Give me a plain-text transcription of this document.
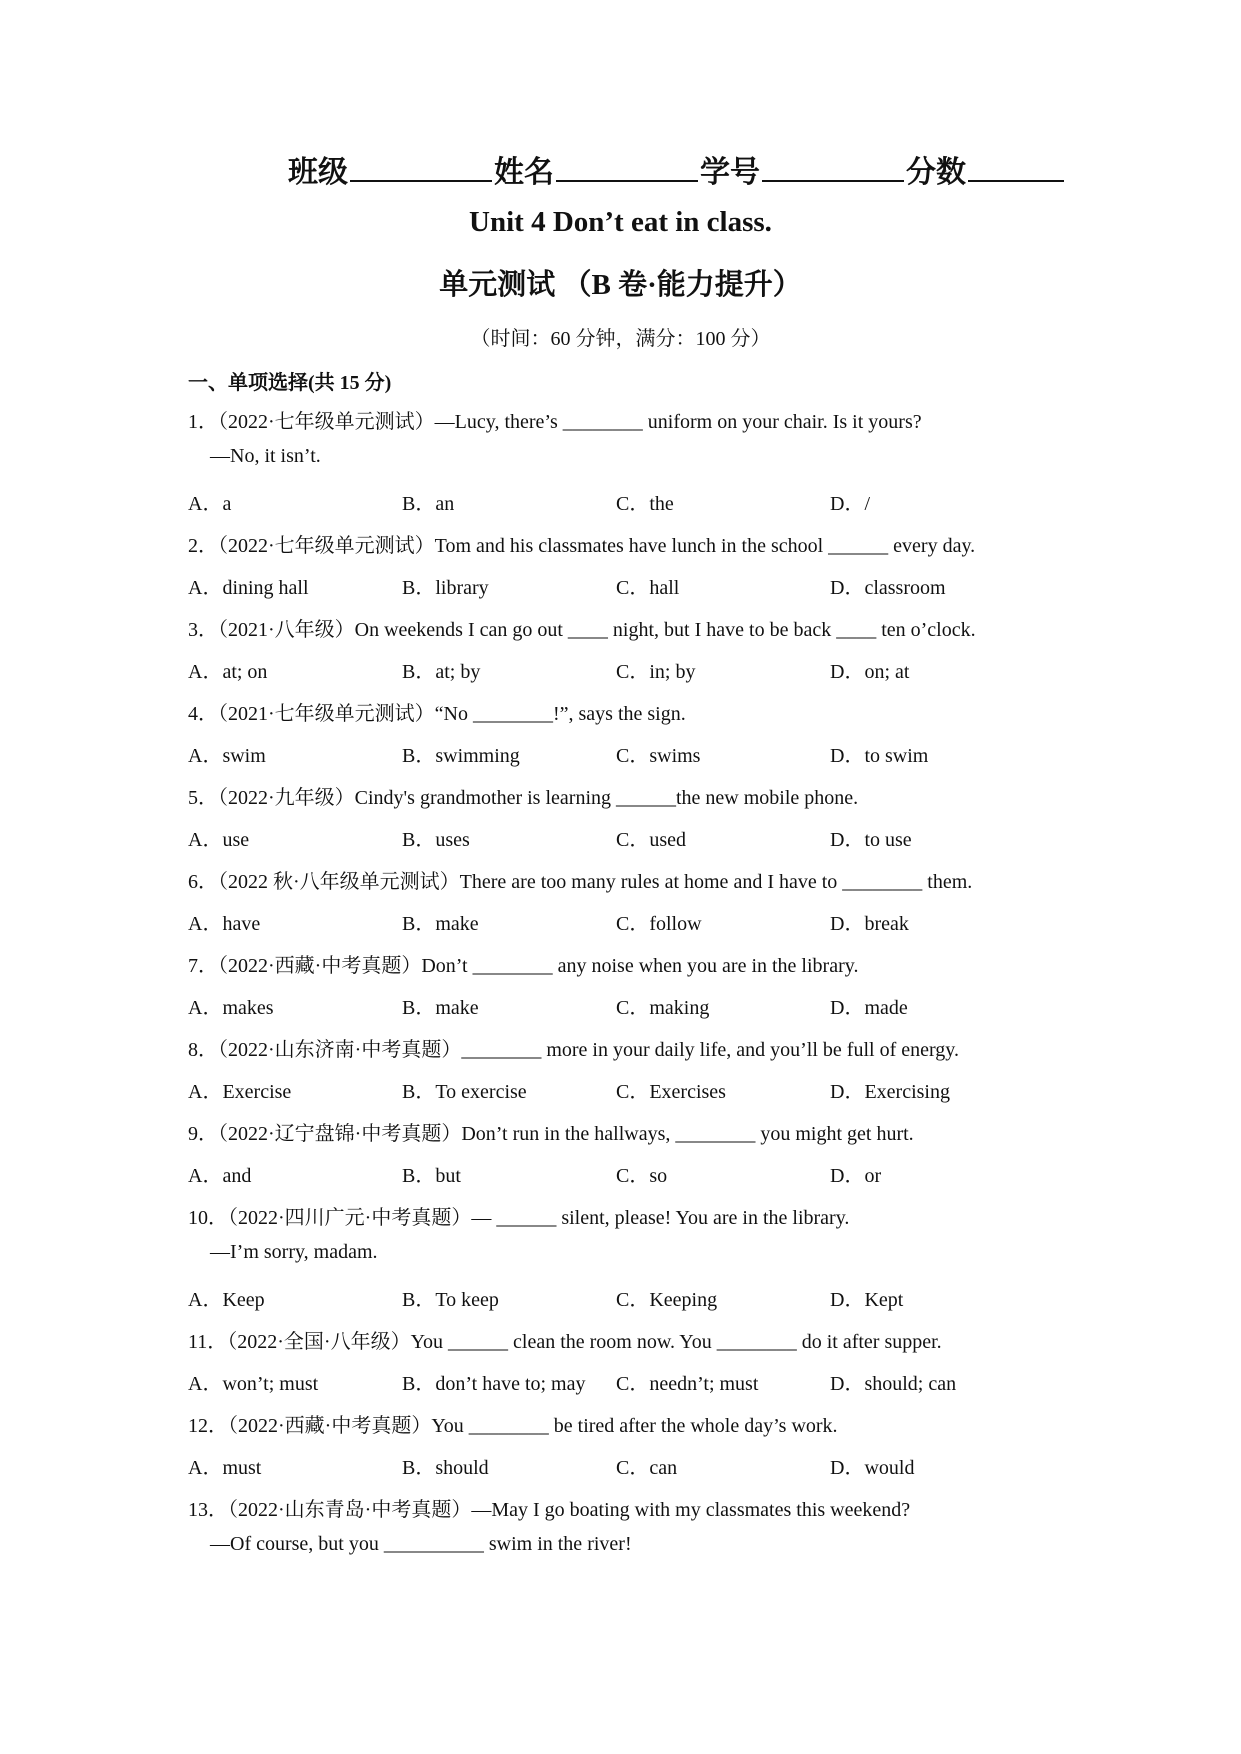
班级	姓名	学号	分数
Unit 4 Don’t eat in class.
单元测试 （B 卷·能力提升）
（时间：60 分钟，满分：100 分）
一、单项选择(共 15 分)
1．（2022·七年级单元测试）—Lucy, there’s ________ uniform on your chair. Is it yours?
—No, it isn’t.
A．a	B．an	C．the	D．/
2．（2022·七年级单元测试）Tom and his classmates have lunch in the school ______ every day.
A．dining hall	B．library	C．hall	D．classroom
3．（2021·八年级）On weekends I can go out ____ night, but I have to be back ____ ten o’clock.
A．at; on	B．at; by	C．in; by	D．on; at
4．（2021·七年级单元测试）“No ________!”, says the sign.
A．swim	B．swimming	C．swims	D．to swim
5．（2022·九年级）Cindy's grandmother is learning ______the new mobile phone.
A．use	B．uses	C．used	D．to use
6．（2022 秋·八年级单元测试）There are too many rules at home and I have to ________ them.
A．have	B．make	C．follow	D．break
7．（2022·西藏·中考真题）Don’t ________ any noise when you are in the library.
A．makes	B．make	C．making	D．made
8．（2022·山东济南·中考真题）________ more in your daily life, and you’ll be full of energy.
A．Exercise	B．To exercise	C．Exercises	D．Exercising
9．（2022·辽宁盘锦·中考真题）Don’t run in the hallways, ________ you might get hurt.
A．and	B．but	C．so	D．or
10．（2022·四川广元·中考真题）— ______ silent, please! You are in the library.
—I’m sorry, madam.
A．Keep	B．To keep	C．Keeping	D．Kept
11．（2022·全国·八年级）You ______ clean the room now. You ________ do it after supper.
A．won’t; must	B．don’t have to; may C．needn’t; must	D．should; can
12．（2022·西藏·中考真题）You ________ be tired after the whole day’s work.
A．must	B．should	C．can	D．would
13．（2022·山东青岛·中考真题）—May I go boating with my classmates this weekend?
—Of course, but you __________ swim in the river!
